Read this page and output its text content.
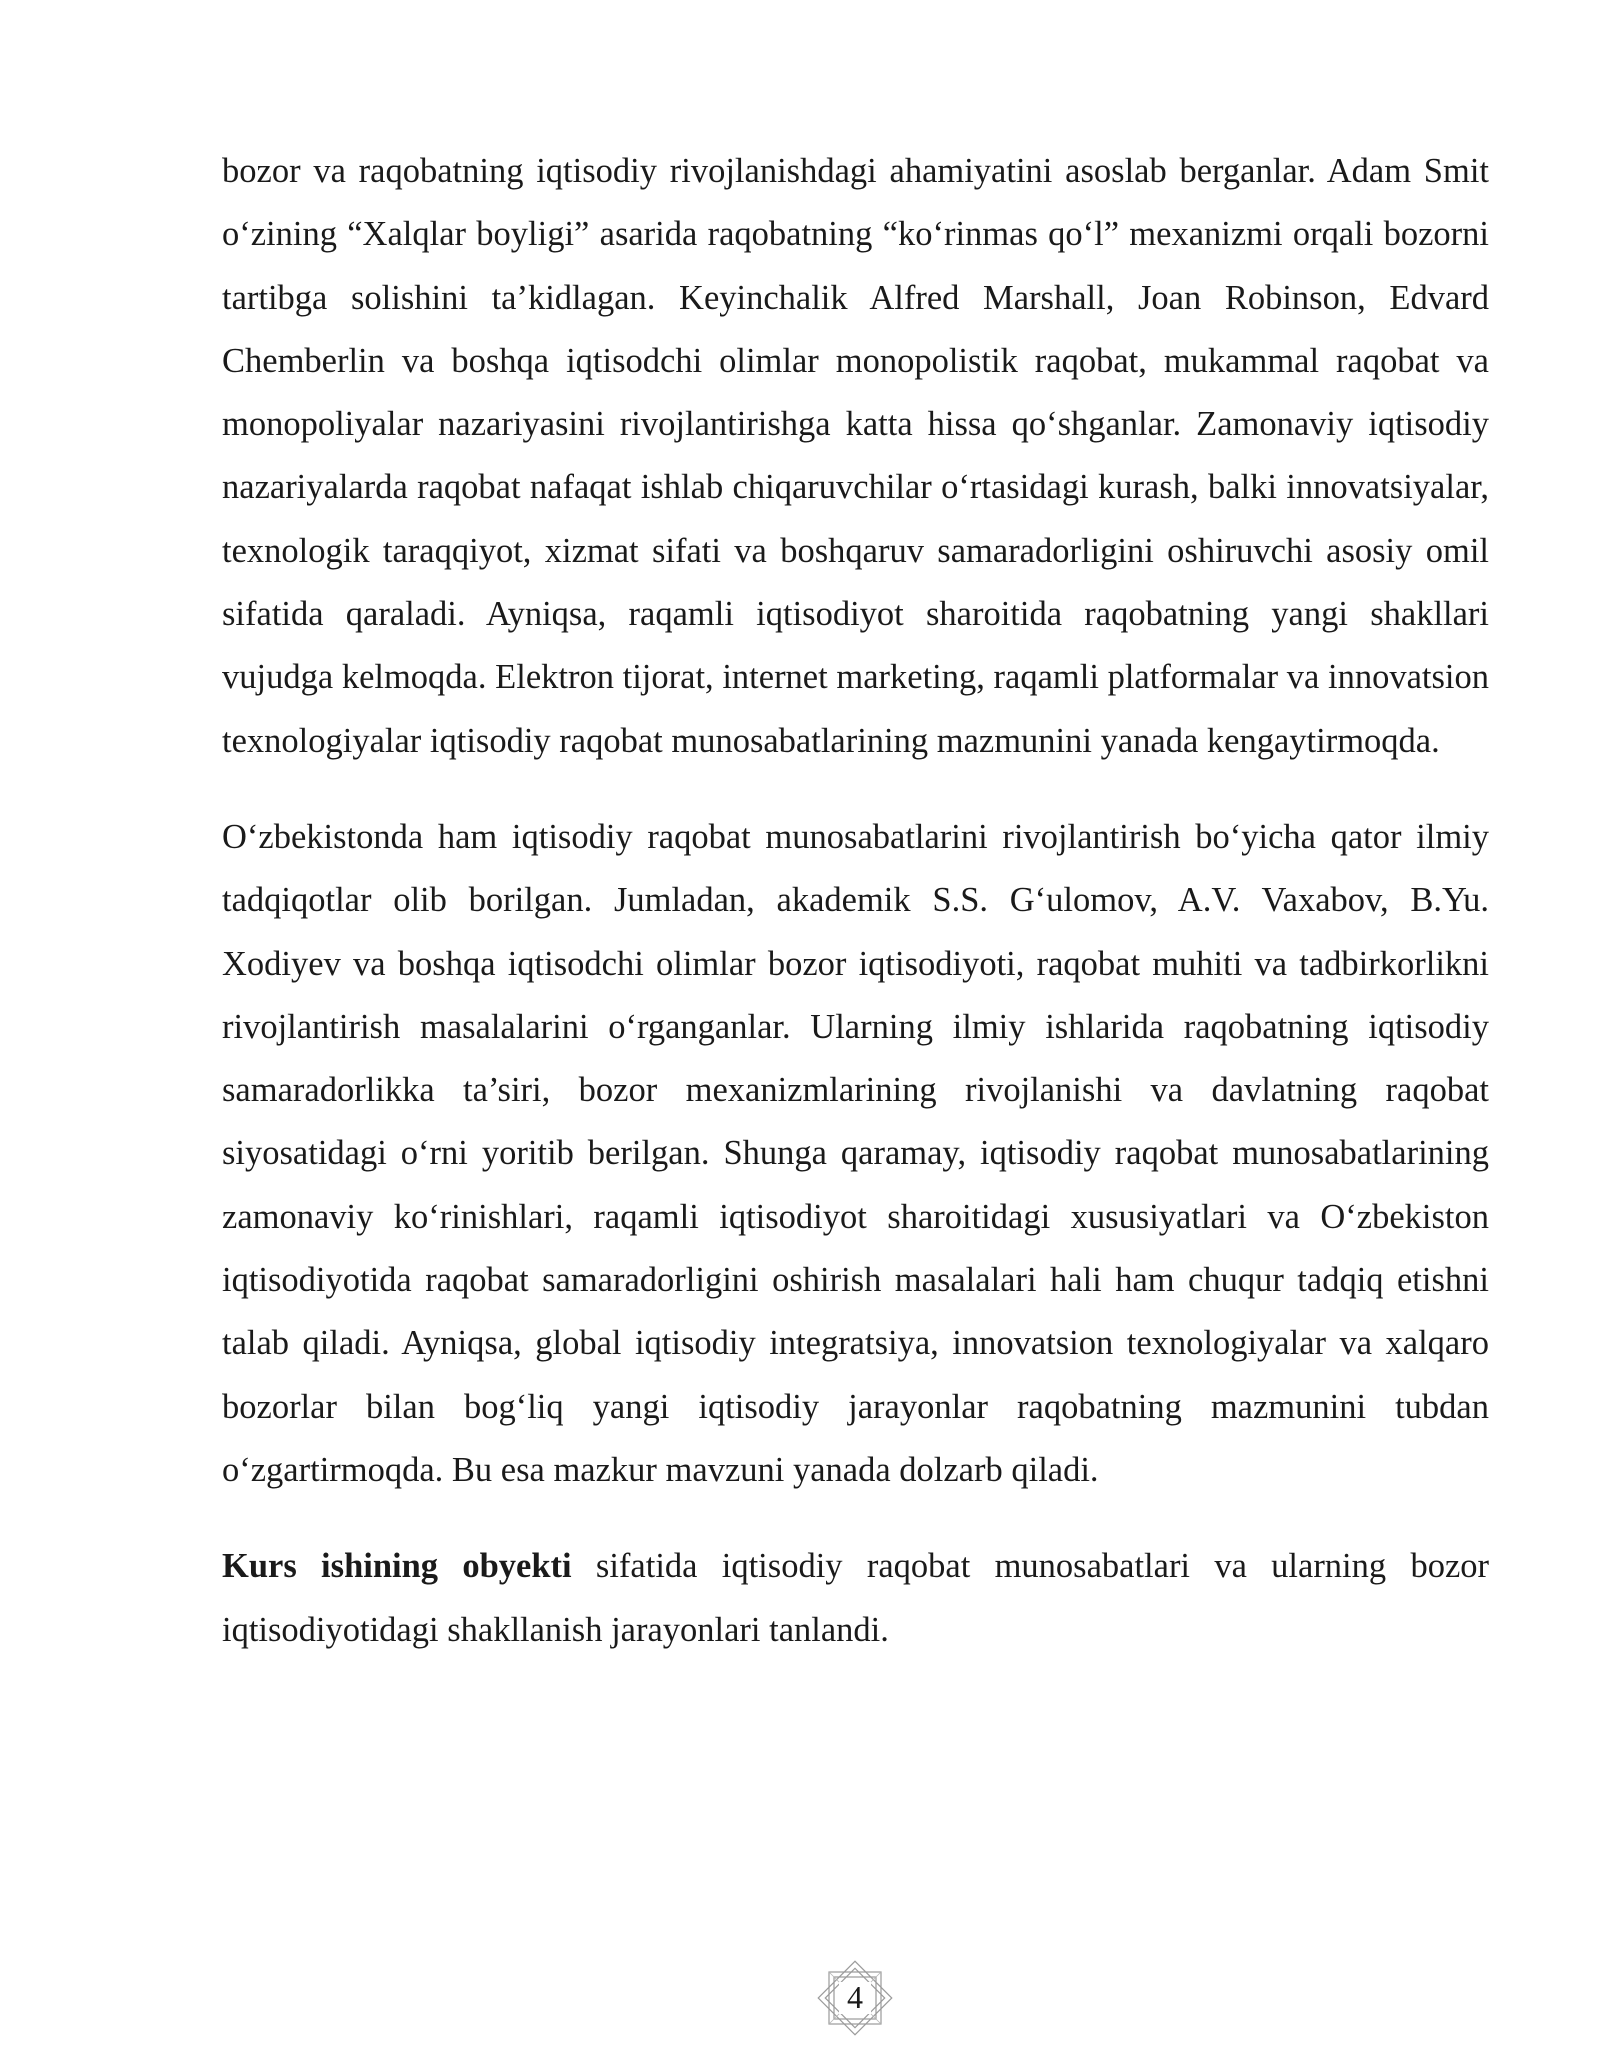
bozor va raqobatning iqtisodiy rivojlanishdagi ahamiyatini asoslab berganlar. Adam Smit o‘zining “Xalqlar boyligi” asarida raqobatning “ko‘rinmas qo‘l” mexanizmi orqali bozorni tartibga solishini ta’kidlagan. Keyinchalik Alfred Marshall, Joan Robinson, Edvard Chemberlin va boshqa iqtisodchi olimlar monopolistik raqobat, mukammal raqobat va monopoliyalar nazariyasini rivojlantirishga katta hissa qo‘shganlar. Zamonaviy iqtisodiy nazariyalarda raqobat nafaqat ishlab chiqaruvchilar o‘rtasidagi kurash, balki innovatsiyalar, texnologik taraqqiyot, xizmat sifati va boshqaruv samaradorligini oshiruvchi asosiy omil sifatida qaraladi. Ayniqsa, raqamli iqtisodiyot sharoitida raqobatning yangi shakllari vujudga kelmoqda. Elektron tijorat, internet marketing, raqamli platformalar va innovatsion texnologiyalar iqtisodiy raqobat munosabatlarining mazmunini yanada kengaytirmoqda.

O‘zbekistonda ham iqtisodiy raqobat munosabatlarini rivojlantirish bo‘yicha qator ilmiy tadqiqotlar olib borilgan. Jumladan, akademik S.S. G‘ulomov, A.V. Vaxabov, B.Yu. Xodiyev va boshqa iqtisodchi olimlar bozor iqtisodiyoti, raqobat muhiti va tadbirkorlikni rivojlantirish masalalarini o‘rganganlar. Ularning ilmiy ishlarida raqobatning iqtisodiy samaradorlikka ta’siri, bozor mexanizmlarining rivojlanishi va davlatning raqobat siyosatidagi o‘rni yoritib berilgan. Shunga qaramay, iqtisodiy raqobat munosabatlarining zamonaviy ko‘rinishlari, raqamli iqtisodiyot sharoitidagi xususiyatlari va O‘zbekiston iqtisodiyotida raqobat samaradorligini oshirish masalalari hali ham chuqur tadqiq etishni talab qiladi. Ayniqsa, global iqtisodiy integratsiya, innovatsion texnologiyalar va xalqaro bozorlar bilan bog‘liq yangi iqtisodiy jarayonlar raqobatning mazmunini tubdan o‘zgartirmoqda. Bu esa mazkur mavzuni yanada dolzarb qiladi.

Kurs ishining obyekti sifatida iqtisodiy raqobat munosabatlari va ularning bozor iqtisodiyotidagi shakllanish jarayonlari tanlandi.

4
